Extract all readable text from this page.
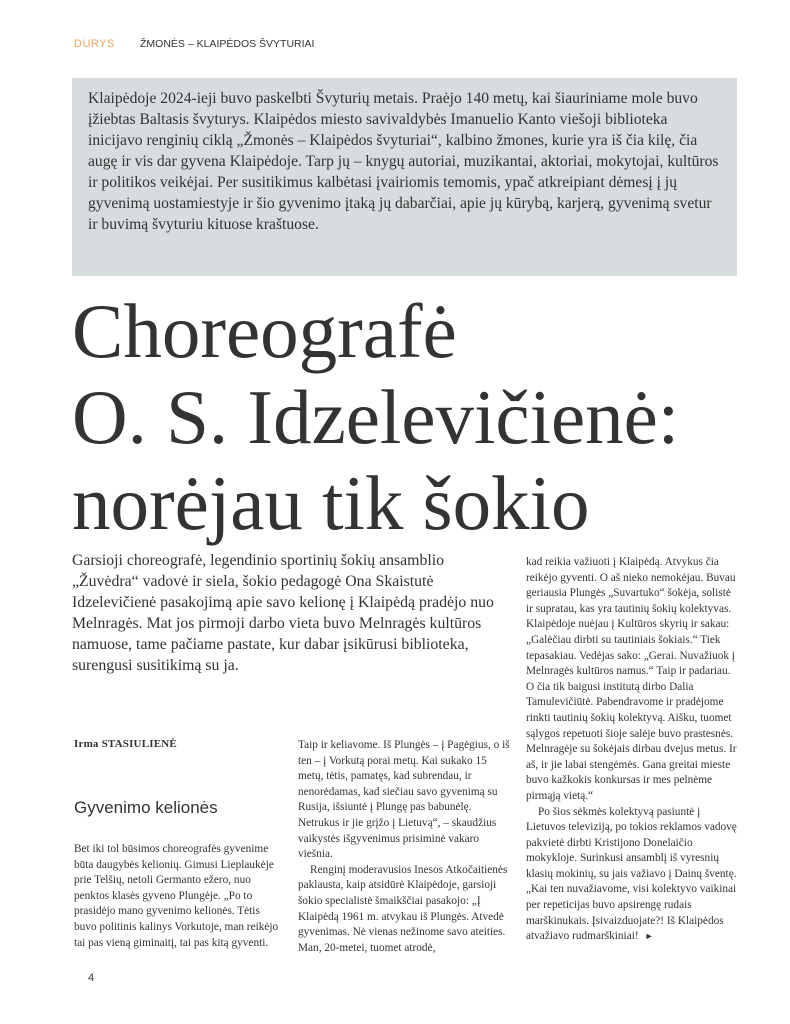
DURYS ŽMONĖS – KLAIPĖDOS ŠVYTURIAI

Klaipėdoje 2024-ieji buvo paskelbti Švyturių metais. Praėjo 140 metų, kai šiauriniame mole buvo įžiebtas Baltasis švyturys. Klaipėdos miesto savivaldybės Imanuelio Kanto viešoji biblioteka inicijavo renginių ciklą „Žmonės – Klaipėdos švyturiai“, kalbino žmones, kurie yra iš čia kilę, čia augę ir vis dar gyvena Klaipėdoje. Tarp jų – knygų autoriai, muzikantai, aktoriai, mokytojai, kultūros ir politikos veikėjai. Per susitikimus kalbėtasi įvairiomis temomis, ypač atkreipiant dėmesį į jų gyvenimą uostamiestyje ir šio gyvenimo įtaką jų dabarčiai, apie jų kūrybą, karjerą, gyvenimą svetur ir buvimą švyturiu kituose kraštuose.

Choreografė
O. S. Idzelevičienė:
norėjau tik šokio

Garsioji choreografė, legendinio sportinių šokių ansamblio „Žuvėdra“ vadovė ir siela, šokio pedagogė Ona Skaistutė Idzelevičienė pasakojimą apie savo kelionę į Klaipėdą pradėjo nuo Melnragės. Mat jos pirmoji darbo vieta buvo Melnragės kultūros namuose, tame pačiame pastate, kur dabar įsikūrusi biblioteka, surengusi susitikimą su ja.

Irma STASIULIENĖ
Gyvenimo kelionės

Bet iki tol būsimos choreografės gyvenime būta daugybės kelionių. Gimusi Lieplaukėje prie Telšių, netoli Germanto ežero, nuo penktos klasės gyveno Plungėje. „Po to prasidėjo mano gyvenimo kelionės. Tėtis buvo politinis kalinys Vorkutoje, man reikėjo tai pas vieną giminaitį, tai pas kitą gyventi.

Taip ir keliavome. Iš Plungės – į Pagėgius, o iš ten – į Vorkutą porai metų. Kai sukako 15 metų, tėtis, pamatęs, kad subrendau, ir nenorėdamas, kad siečiau savo gyvenimą su Rusija, išsiuntė į Plungę pas babunėlę. Netrukus ir jie grįžo į Lietuvą“, – skaudžius vaikystės išgyvenimus prisiminė vakaro viešnia.

Renginį moderavusios Inesos Atkočaitienės paklausta, kaip atsidūrė Klaipėdoje, garsioji šokio specialistė šmaikščiai pasakojo: „Į Klaipėdą 1961 m. atvykau iš Plungės. Atvedė gyvenimas. Nė vienas nežinome savo ateities. Man, 20-metei, tuomet atrodė,

kad reikia važiuoti į Klaipėdą. Atvykus čia reikėjo gyventi. O aš nieko nemokėjau. Buvau geriausia Plungės „Suvartuko“ šokėja, solistė ir supratau, kas yra tautinių šokių kolektyvas. Klaipėdoje nuėjau į Kultūros skyrių ir sakau: „Galėčiau dirbti su tautiniais šokiais.“ Tiek tepasakiau. Vedėjas sako: „Gerai. Nuvažiuok į Melnragės kultūros namus.“ Taip ir padariau. O čia tik baigusi institutą dirbo Dalia Tamulevičiūtė. Pabendravome ir pradėjome rinkti tautinių šokių kolektyvą. Aišku, tuomet sąlygos repetuoti šioje salėje buvo prastesnės. Melnragėje su šokėjais dirbau dvejus metus. Ir aš, ir jie labai stengėmės. Gana greitai mieste buvo kažkokis konkursas ir mes pelnėme pirmąją vietą.“

Po šios sėkmės kolektyvą pasiuntė į Lietuvos televiziją, po tokios reklamos vadovę pakvietė dirbti Kristijono Donelaičio mokykloje. Surinkusi ansamblį iš vyresnių klasių mokinių, su jais važiavo į Dainų šventę. „Kai ten nuvažiavome, visi kolektyvo vaikinai per repeticijas buvo apsirengę rudais marškinukais. Įsivaizduojate?! Iš Klaipėdos atvažiavo rudmarškiniai! ►

4
